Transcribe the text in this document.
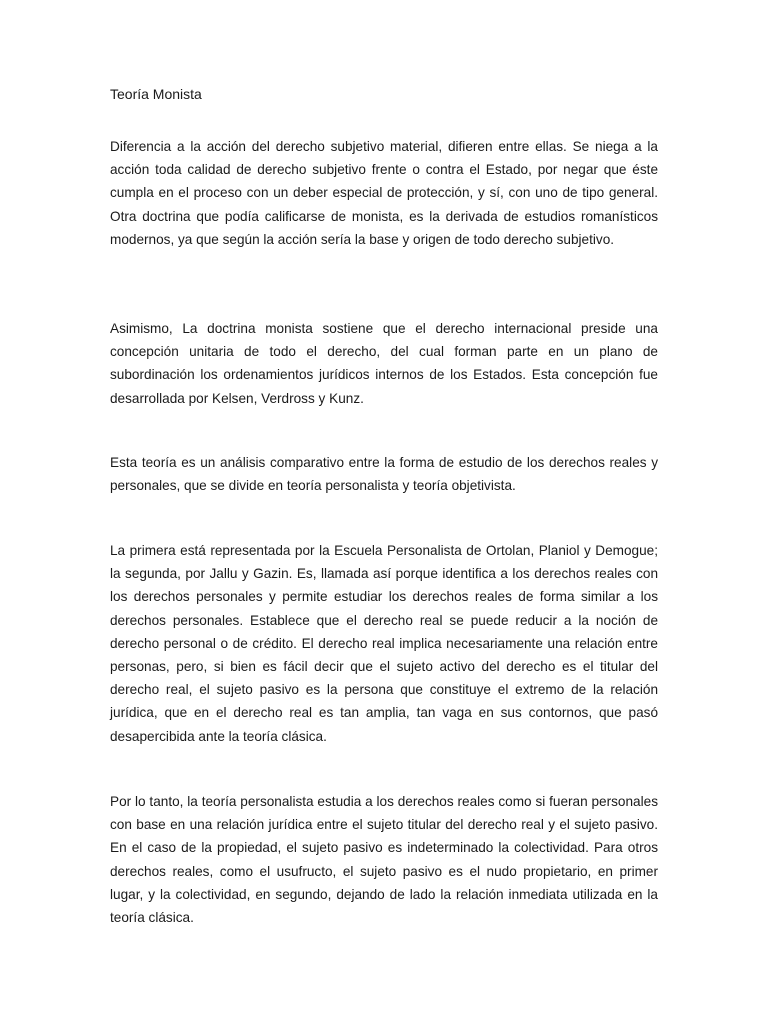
Teoría Monista

Diferencia a la acción del derecho subjetivo material, difieren entre ellas. Se niega a la acción toda calidad de derecho subjetivo frente o contra el Estado, por negar que éste cumpla en el proceso con un deber especial de protección, y sí, con uno de tipo general. Otra doctrina que podía calificarse de monista, es la derivada de estudios romanísticos modernos, ya que según la acción sería la base y origen de todo derecho subjetivo.

Asimismo, La doctrina monista sostiene que el derecho internacional preside una concepción unitaria de todo el derecho, del cual forman parte en un plano de subordinación los ordenamientos jurídicos internos de los Estados. Esta concepción fue desarrollada por Kelsen, Verdross y Kunz.

Esta teoría es un análisis comparativo entre la forma de estudio de los derechos reales y personales, que se divide en teoría personalista y teoría objetivista.

La primera está representada por la Escuela Personalista de Ortolan, Planiol y Demogue; la segunda, por Jallu y Gazin. Es, llamada así porque identifica a los derechos reales con los derechos personales y permite estudiar los derechos reales de forma similar a los derechos personales. Establece que el derecho real se puede reducir a la noción de derecho personal o de crédito. El derecho real implica necesariamente una relación entre personas, pero, si bien es fácil decir que el sujeto activo del derecho es el titular del derecho real, el sujeto pasivo es la persona que constituye el extremo de la relación jurídica, que en el derecho real es tan amplia, tan vaga en sus contornos, que pasó desapercibida ante la teoría clásica.

Por lo tanto, la teoría personalista estudia a los derechos reales como si fueran personales con base en una relación jurídica entre el sujeto titular del derecho real y el sujeto pasivo. En el caso de la propiedad, el sujeto pasivo es indeterminado la colectividad. Para otros derechos reales, como el usufructo, el sujeto pasivo es el nudo propietario, en primer lugar, y la colectividad, en segundo, dejando de lado la relación inmediata utilizada en la teoría clásica.
